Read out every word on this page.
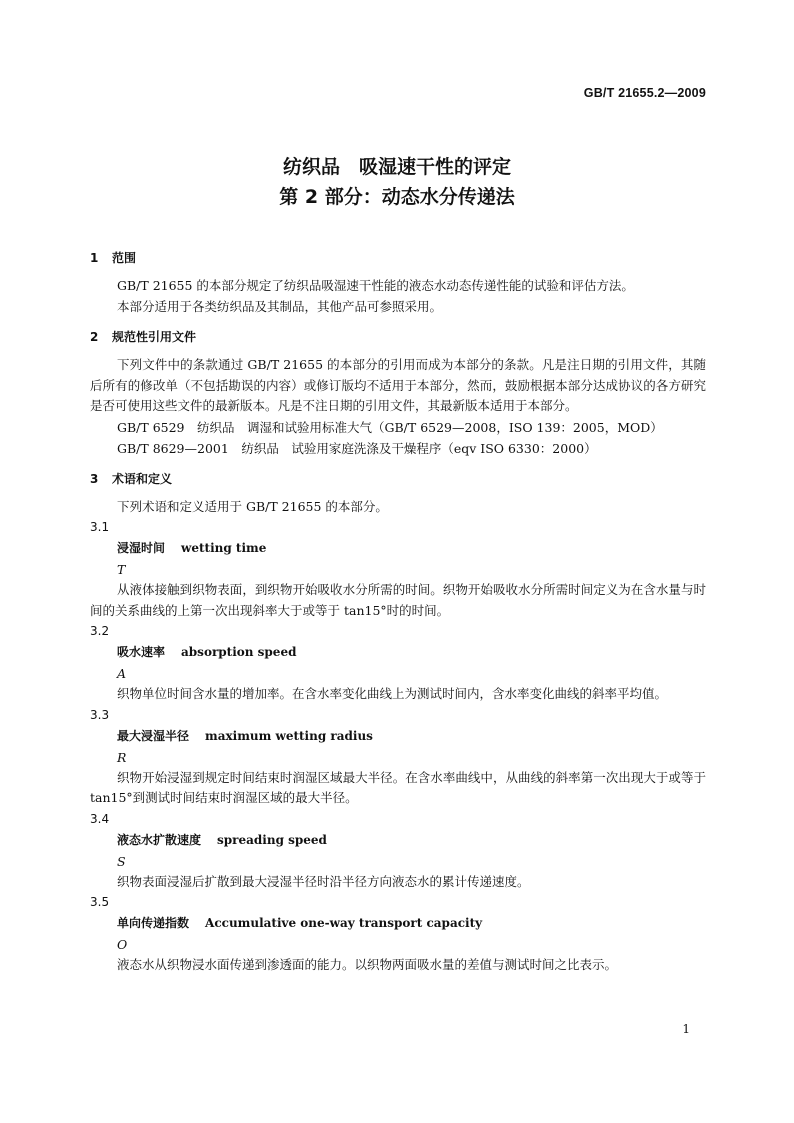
GB/T 21655.2—2009
纺织品　吸湿速干性的评定
第 2 部分：动态水分传递法
1 范围

GB/T 21655 的本部分规定了纺织品吸湿速干性能的液态水动态传递性能的试验和评估方法。

本部分适用于各类纺织品及其制品，其他产品可参照采用。

2 规范性引用文件

下列文件中的条款通过 GB/T 21655 的本部分的引用而成为本部分的条款。凡是注日期的引用文件，其随后所有的修改单（不包括勘误的内容）或修订版均不适用于本部分，然而，鼓励根据本部分达成协议的各方研究是否可使用这些文件的最新版本。凡是不注日期的引用文件，其最新版本适用于本部分。

GB/T 6529　纺织品　调湿和试验用标准大气（GB/T 6529—2008，ISO 139：2005，MOD）

GB/T 8629—2001　纺织品　试验用家庭洗涤及干燥程序（eqv ISO 6330：2000）

3 术语和定义

下列术语和定义适用于 GB/T 21655 的本部分。

3.1
浸湿时间 wetting time
T

从液体接触到织物表面，到织物开始吸收水分所需的时间。织物开始吸收水分所需时间定义为在含水量与时间的关系曲线的上第一次出现斜率大于或等于 tan15°时的时间。

3.2
吸水速率 absorption speed
A

织物单位时间含水量的增加率。在含水率变化曲线上为测试时间内，含水率变化曲线的斜率平均值。

3.3
最大浸湿半径 maximum wetting radius
R

织物开始浸湿到规定时间结束时润湿区域最大半径。在含水率曲线中，从曲线的斜率第一次出现大于或等于 tan15°到测试时间结束时润湿区域的最大半径。

3.4
液态水扩散速度 spreading speed
S

织物表面浸湿后扩散到最大浸湿半径时沿半径方向液态水的累计传递速度。

3.5
单向传递指数 Accumulative one-way transport capacity
O

液态水从织物浸水面传递到渗透面的能力。以织物两面吸水量的差值与测试时间之比表示。

1
